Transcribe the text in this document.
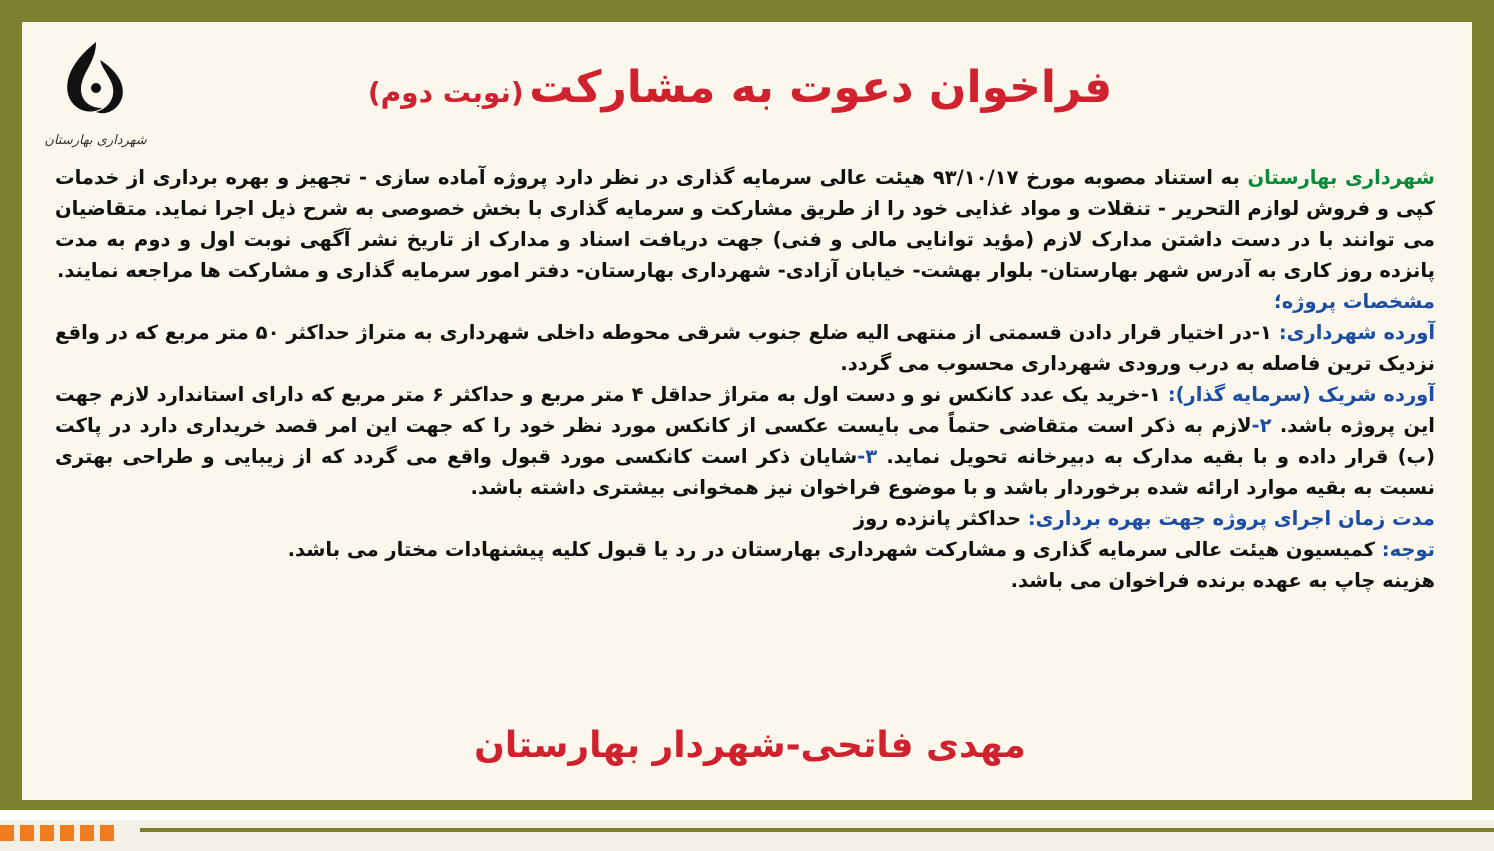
شهرداری بهارستان
فراخوان دعوت به مشارکت (نوبت دوم)

شهرداری بهارستان به استناد مصوبه مورخ ۹۳/۱۰/۱۷ هیئت عالی سرمایه گذاری در نظر دارد پروژه آماده سازی - تجهیز و بهره برداری از خدمات کپی و فروش لوازم التحریر - تنقلات و مواد غذایی خود را از طریق مشارکت و سرمایه گذاری با بخش خصوصی به شرح ذیل اجرا نماید. متقاضیان می توانند با در دست داشتن مدارک لازم (مؤید توانایی مالی و فنی) جهت دریافت اسناد و مدارک از تاریخ نشر آگهی نوبت اول و دوم به مدت پانزده روز کاری به آدرس شهر بهارستان- بلوار بهشت- خیابان آزادی- شهرداری بهارستان- دفتر امور سرمایه گذاری و مشارکت ها مراجعه نمایند.

مشخصات پروژه؛

آورده شهرداری: ۱-در اختیار قرار دادن قسمتی از منتهی الیه ضلع جنوب شرقی محوطه داخلی شهرداری به متراژ حداکثر ۵۰ متر مربع که در واقع نزدیک ترین فاصله به درب ورودی شهرداری محسوب می گردد.

آورده شریک (سرمایه گذار): ۱-خرید یک عدد کانکس نو و دست اول به متراژ حداقل ۴ متر مربع و حداکثر ۶ متر مربع که دارای استاندارد لازم جهت این پروژه باشد. ۲-لازم به ذکر است متقاضی حتماً می بایست عکسی از کانکس مورد نظر خود را که جهت این امر قصد خریداری دارد در پاکت (ب) قرار داده و با بقیه مدارک به دبیرخانه تحویل نماید. ۳-شایان ذکر است کانکسی مورد قبول واقع می گردد که از زیبایی و طراحی بهتری نسبت به بقیه موارد ارائه شده برخوردار باشد و با موضوع فراخوان نیز همخوانی بیشتری داشته باشد.

مدت زمان اجرای پروژه جهت بهره برداری: حداکثر پانزده روز

توجه: کمیسیون هیئت عالی سرمایه گذاری و مشارکت شهرداری بهارستان در رد یا قبول کلیه پیشنهادات مختار می باشد.

هزینه چاپ به عهده برنده فراخوان می باشد.

مهدی فاتحی-شهردار بهارستان
